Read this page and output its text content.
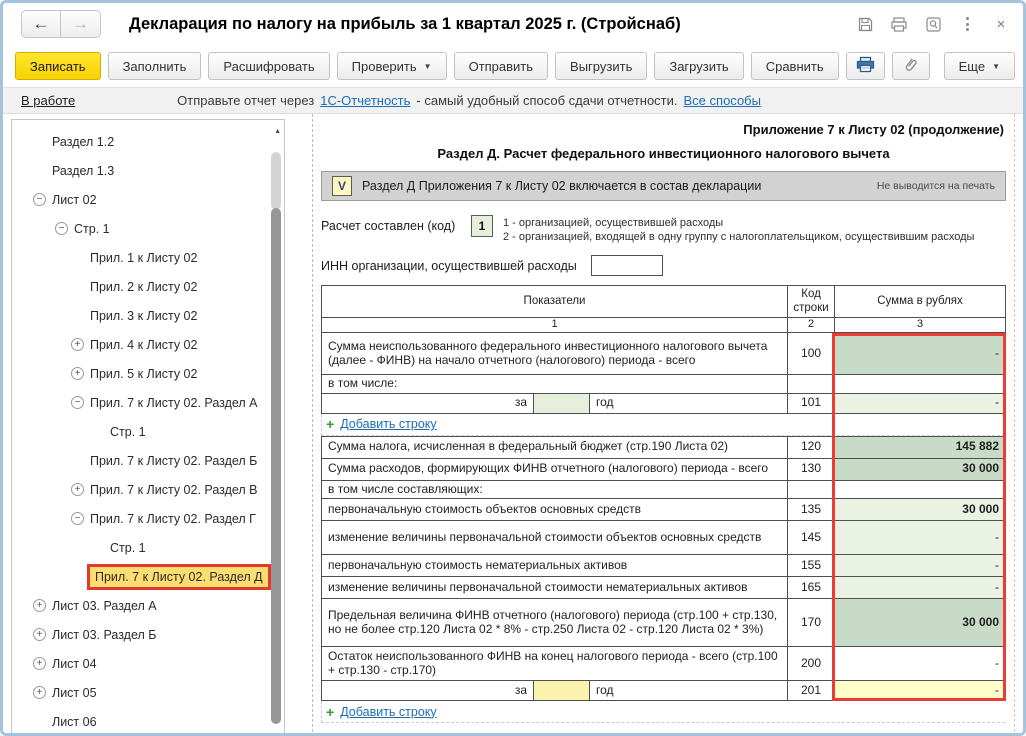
← → Декларация по налогу на прибыль за 1 квартал 2025 г. (Стройснаб)	×
Записать	Заполнить	Расшифровать	Проверить ▼	Отправить	Выгрузить	Загрузить	Сравнить	Еще ▼
В работе	Отправьте отчет через 1С-Отчетность - самый удобный способ сдачи отчетности. Все способы
Раздел 1.2
Раздел 1.3
− Лист 02
− Стр. 1
Прил. 1 к Листу 02
Прил. 2 к Листу 02
Прил. 3 к Листу 02
+ Прил. 4 к Листу 02
+ Прил. 5 к Листу 02
− Прил. 7 к Листу 02. Раздел А
Стр. 1
Прил. 7 к Листу 02. Раздел Б
+ Прил. 7 к Листу 02. Раздел В
− Прил. 7 к Листу 02. Раздел Г
Стр. 1
Прил. 7 к Листу 02. Раздел Д
+ Лист 03. Раздел А
+ Лист 03. Раздел Б
+ Лист 04
+ Лист 05
Лист 06
▲	Приложение 7 к Листу 02 (продолжение)
Раздел Д. Расчет федерального инвестиционного налогового вычета
V	Раздел Д Приложения 7 к Листу 02 включается в состав декларации	Не выводится на печать
Расчет составлен (код)	1	1 - организацией, осуществившей расходы
2 - организацией, входящей в одну группу с налогоплательщиком, осуществившим расходы
ИНН организации, осуществившей расходы
Показатели			Код строки	Сумма в рублях
1			2	3
Сумма неиспользованного федерального инвестиционного налогового вычета (далее - ФИНВ) на начало отчетного (налогового) периода - всего			100	-
в том числе:				
за		год	101	-
+ Добавить строку
Сумма налога, исчисленная в федеральный бюджет (стр.190 Листа 02)			120	145 882
Сумма расходов, формирующих ФИНВ отчетного (налогового) периода - всего			130	30 000
в том числе составляющих:				
первоначальную стоимость объектов основных средств			135	30 000
изменение величины первоначальной стоимости объектов основных средств			145	-
первоначальную стоимость нематериальных активов			155	-
изменение величины первоначальной стоимости нематериальных активов			165	-
Предельная величина ФИНВ отчетного (налогового) периода (стр.100 + стр.130, но не более стр.120 Листа 02 * 8% - стр.250 Листа 02 - стр.120 Листа 02 * 3%)			170	30 000
Остаток неиспользованного ФИНВ на конец налогового периода - всего (стр.100 + стр.130 - стр.170)			200	-
за		год	201	-
+ Добавить строку
